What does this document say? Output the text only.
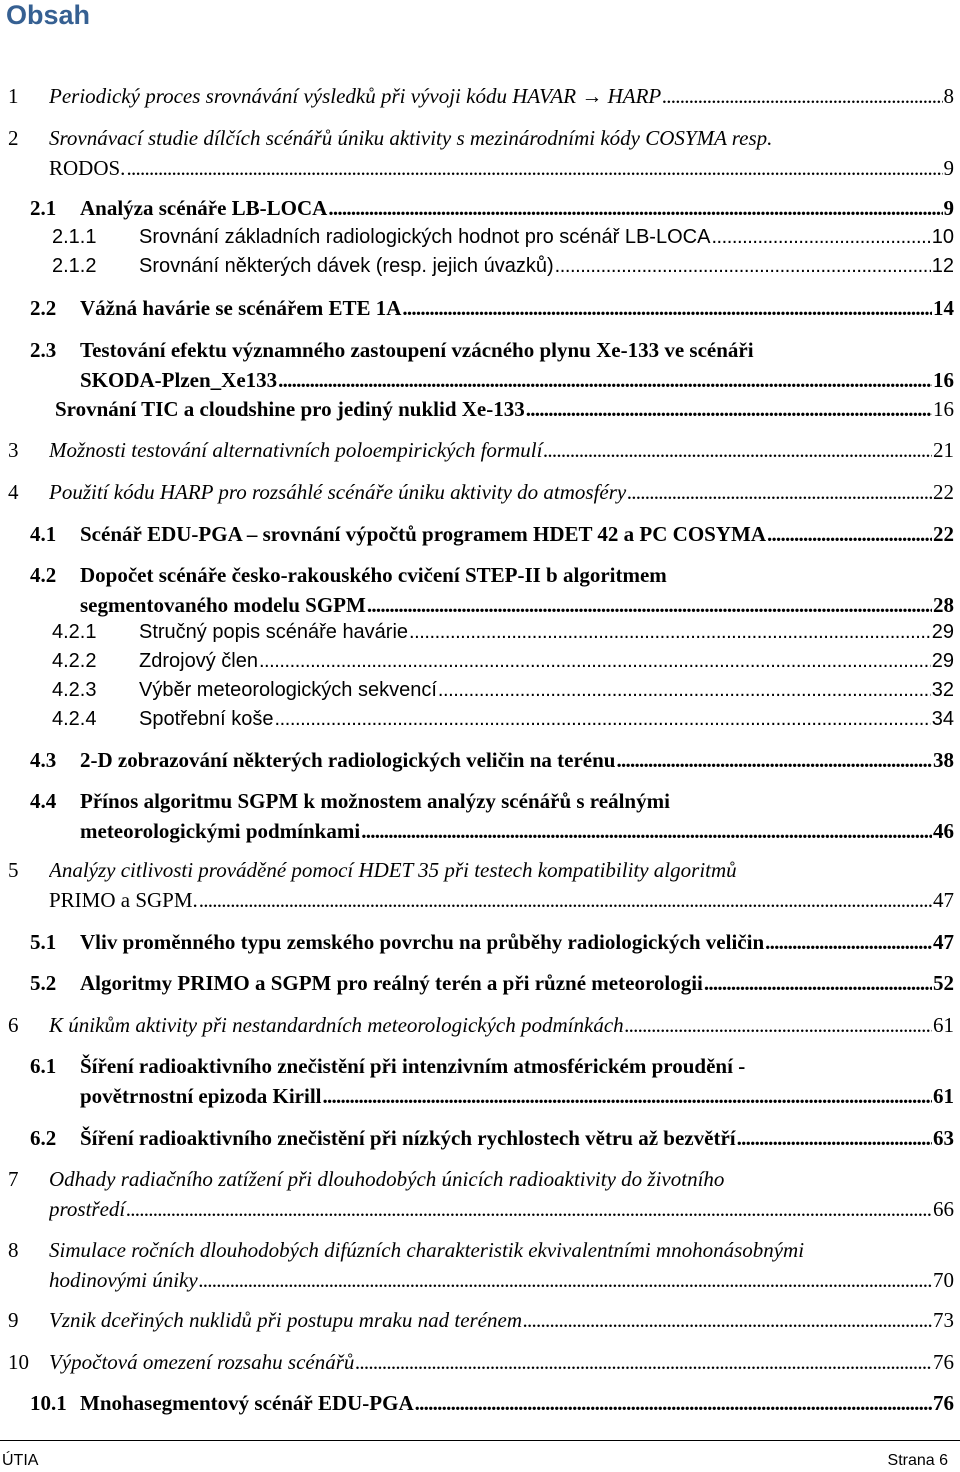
Obsah
1 Periodický proces srovnávání výsledků při vývoji kódu HAVAR → HARP . . .	8
2 Srovnávací studie dílčích scénářů úniku aktivity s mezinárodními kódy COSYMA resp.
RODOS. . . .	9
2.1 Analýza scénáře LB-LOCA . . .	9
2.1.1 Srovnání základních radiologických hodnot pro scénář LB-LOCA . . .	10
2.1.2 Srovnání některých dávek (resp. jejich úvazků) . . .	12
2.2 Vážná havárie se scénářem ETE 1A . . .	14
2.3 Testování efektu významného zastoupení vzácného plynu Xe-133 ve scénáři
SKODA-Plzen_Xe133 . . .	16
Srovnání TIC a cloudshine pro jediný nuklid Xe-133 . . .	16
3 Možnosti testování alternativních poloempirických formulí . . .	21
4 Použití kódu HARP pro rozsáhlé scénáře úniku aktivity do atmosféry . . .	22
4.1 Scénář EDU-PGA – srovnání výpočtů programem HDET 42 a PC COSYMA . . .	22
4.2 Dopočet scénáře česko-rakouského cvičení STEP-II b algoritmem
segmentovaného modelu SGPM . . .	28
4.2.1 Stručný popis scénáře havárie . . .	29
4.2.2 Zdrojový člen . . .	29
4.2.3 Výběr meteorologických sekvencí . . .	32
4.2.4 Spotřební koše . . .	34
4.3 2-D zobrazování některých radiologických veličin na terénu . . .	38
4.4 Přínos algoritmu SGPM k možnostem analýzy scénářů s reálnými
meteorologickými podmínkami . . .	46
5 Analýzy citlivosti prováděné pomocí HDET 35 při testech kompatibility algoritmů
PRIMO a SGPM. . . .	47
5.1 Vliv proměnného typu zemského povrchu na průběhy radiologických veličin . . .	47
5.2 Algoritmy PRIMO a SGPM pro reálný terén a při různé meteorologii . . .	52
6 K únikům aktivity při nestandardních meteorologických podmínkách . . .	61
6.1 Šíření radioaktivního znečistění při intenzivním atmosférickém proudění -
povětrnostní epizoda Kirill . . .	61
6.2 Šíření radioaktivního znečistění při nízkých rychlostech větru až bezvětří . . .	63
7 Odhady radiačního zatížení při dlouhodobých únicích radioaktivity do životního
prostředí . . .	66
8 Simulace ročních dlouhodobých difúzních charakteristik ekvivalentními mnohonásobnými
hodinovými úniky . . .	70
9 Vznik dceřiných nuklidů při postupu mraku nad terénem . . .	73
10 Výpočtová omezení rozsahu scénářů . . .	76
10.1 Mnohasegmentový scénář EDU-PGA . . .	76
ÚTIA	Strana 6
